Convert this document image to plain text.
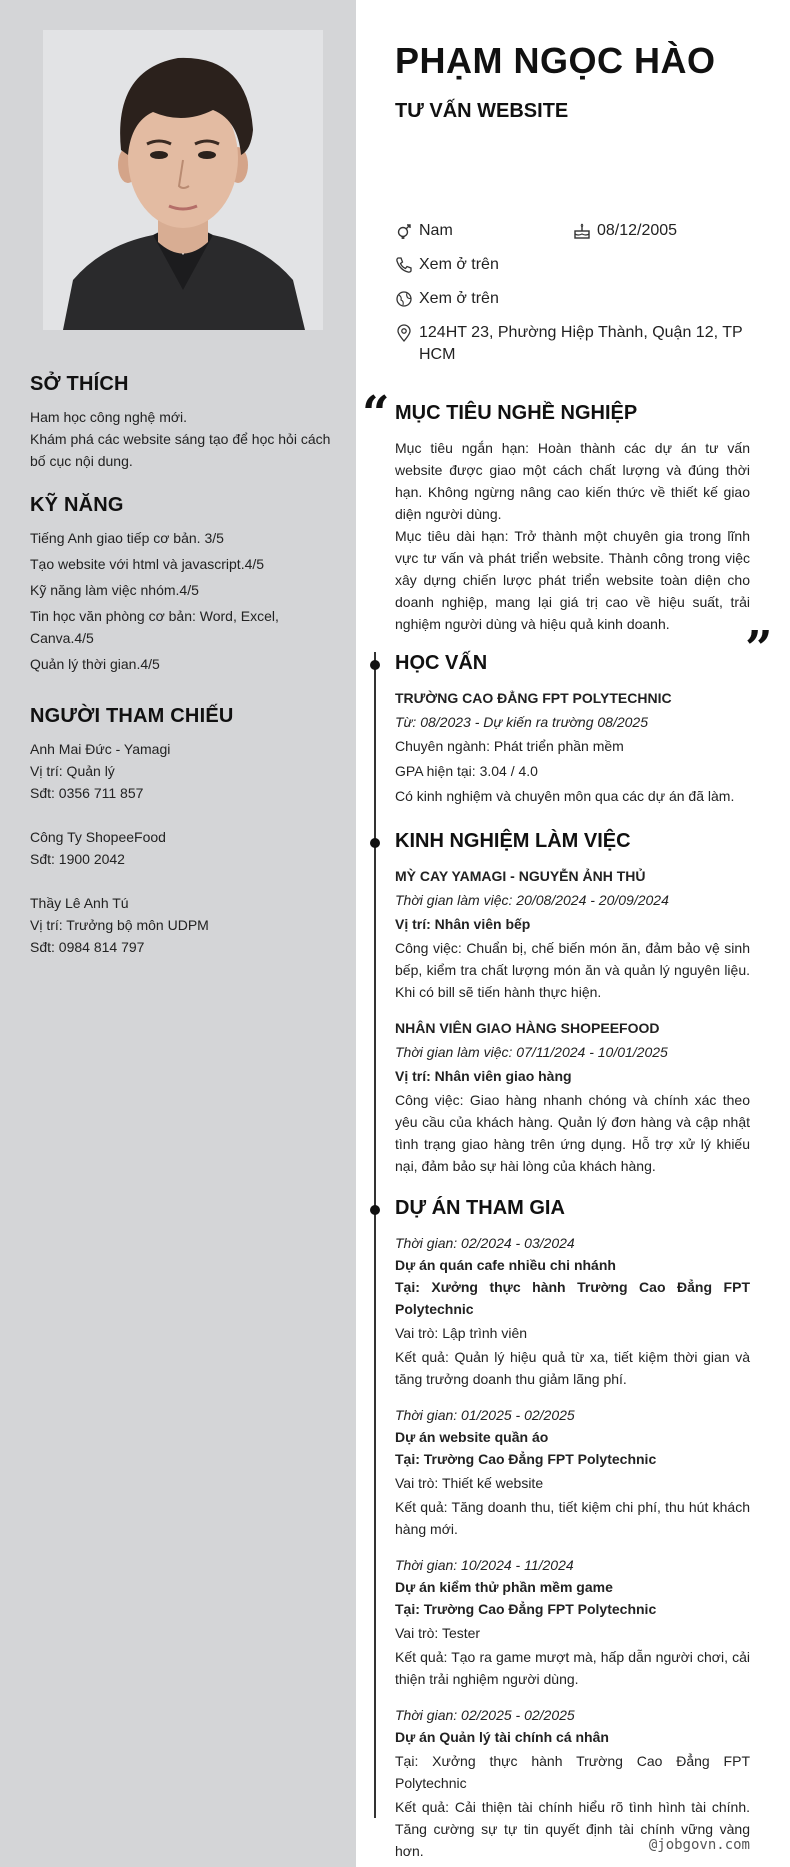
SỞ THÍCH

Ham học công nghệ mới.

Khám phá các website sáng tạo để học hỏi cách bố cục nội dung.

KỸ NĂNG

Tiếng Anh giao tiếp cơ bản. 3/5

Tạo website với html và javascript.4/5

Kỹ năng làm việc nhóm.4/5

Tin học văn phòng cơ bản: Word, Excel, Canva.4/5

Quản lý thời gian.4/5

NGƯỜI THAM CHIẾU

Anh Mai Đức - Yamagi

Vị trí: Quản lý

Sđt: 0356 711 857

Công Ty ShopeeFood

Sđt: 1900 2042

Thầy Lê Anh Tú

Vị trí: Trưởng bộ môn UDPM

Sđt: 0984 814 797

PHẠM NGỌC HÀO
TƯ VẤN WEBSITE
Nam	08/12/2005
Xem ở trên
Xem ở trên
124HT 23, Phường Hiệp Thành, Quận 12, TP HCM
“
”
MỤC TIÊU NGHỀ NGHIỆP

Mục tiêu ngắn hạn: Hoàn thành các dự án tư vấn website được giao một cách chất lượng và đúng thời hạn. Không ngừng nâng cao kiến thức về thiết kế giao diện người dùng.

Mục tiêu dài hạn: Trở thành một chuyên gia trong lĩnh vực tư vấn và phát triển website. Thành công trong việc xây dựng chiến lược phát triển website toàn diện cho doanh nghiệp, mang lại giá trị cao về hiệu suất, trải nghiệm người dùng và hiệu quả kinh doanh.

HỌC VẤN

TRƯỜNG CAO ĐẲNG FPT POLYTECHNIC

Từ: 08/2023 - Dự kiến ra trường 08/2025

Chuyên ngành: Phát triển phần mềm

GPA hiện tại: 3.04 / 4.0

Có kinh nghiệm và chuyên môn qua các dự án đã làm.

KINH NGHIỆM LÀM VIỆC

MỲ CAY YAMAGI - NGUYỄN ẢNH THỦ

Thời gian làm việc: 20/08/2024 - 20/09/2024

Vị trí: Nhân viên bếp

Công việc: Chuẩn bị, chế biến món ăn, đảm bảo vệ sinh bếp, kiểm tra chất lượng món ăn và quản lý nguyên liệu. Khi có bill sẽ tiến hành thực hiện.

NHÂN VIÊN GIAO HÀNG SHOPEEFOOD

Thời gian làm việc: 07/11/2024 - 10/01/2025

Vị trí: Nhân viên giao hàng

Công việc: Giao hàng nhanh chóng và chính xác theo yêu cầu của khách hàng. Quản lý đơn hàng và cập nhật tình trạng giao hàng trên ứng dụng. Hỗ trợ xử lý khiếu nại, đảm bảo sự hài lòng của khách hàng.

DỰ ÁN THAM GIA

Thời gian: 02/2024 - 03/2024

Dự án quán cafe nhiều chi nhánh

Tại: Xưởng thực hành Trường Cao Đẳng FPT Polytechnic

Vai trò: Lập trình viên

Kết quả: Quản lý hiệu quả từ xa, tiết kiệm thời gian và tăng trưởng doanh thu giảm lãng phí.

Thời gian: 01/2025 - 02/2025

Dự án website quần áo

Tại: Trường Cao Đẳng FPT Polytechnic

Vai trò: Thiết kế website

Kết quả: Tăng doanh thu, tiết kiệm chi phí, thu hút khách hàng mới.

Thời gian: 10/2024 - 11/2024

Dự án kiểm thử phần mềm game

Tại: Trường Cao Đẳng FPT Polytechnic

Vai trò: Tester

Kết quả: Tạo ra game mượt mà, hấp dẫn người chơi, cải thiện trải nghiệm người dùng.

Thời gian: 02/2025 - 02/2025

Dự án Quản lý tài chính cá nhân

Tại: Xưởng thực hành Trường Cao Đẳng FPT Polytechnic

Kết quả: Cải thiện tài chính hiểu rõ tình hình tài chính. Tăng cường sự tự tin quyết định tài chính vững vàng hơn.	@jobgovn.com
